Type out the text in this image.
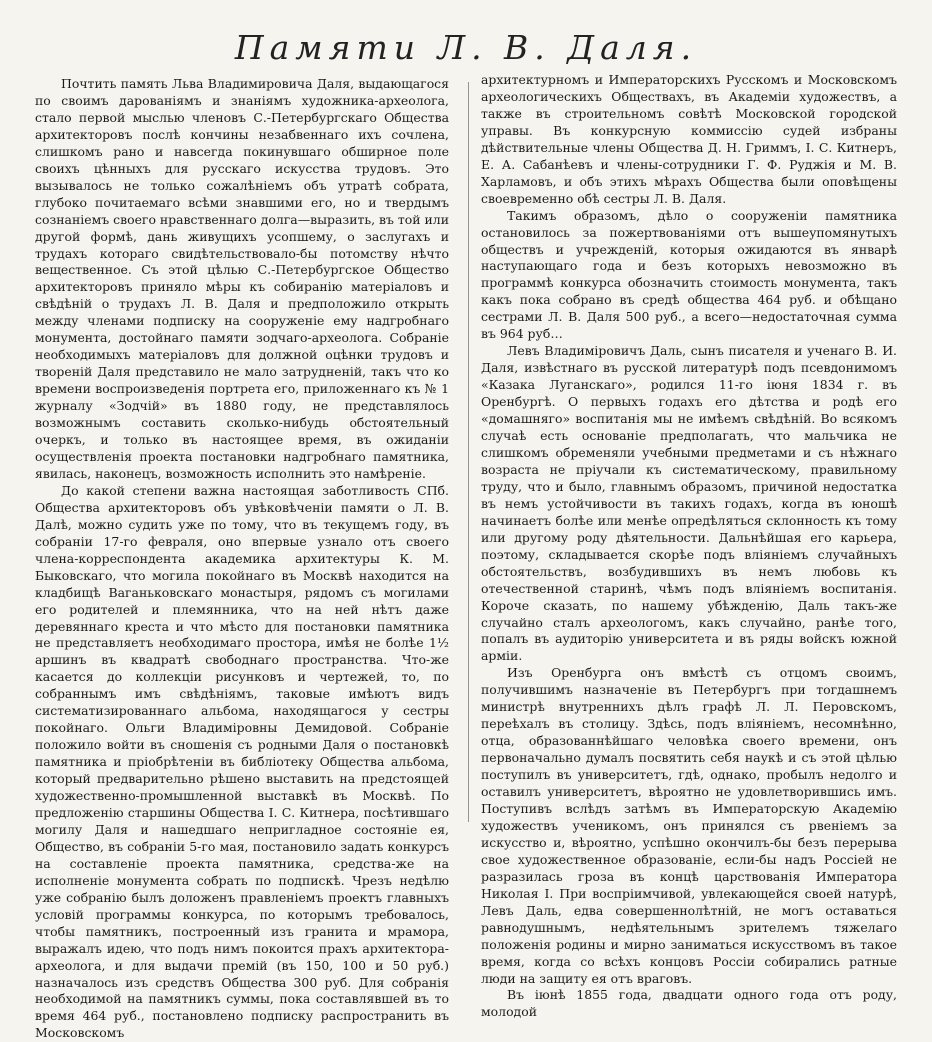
Памяти Л. В. Даля.

Почтить память Льва Владимировича Даля, выдающагося по своимъ дарованіямъ и знаніямъ художника-археолога, стало первой мыслью членовъ С.-Петербургскаго Общества архитекторовъ послѣ кончины незабвеннаго ихъ сочлена, слишкомъ рано и навсегда покинувшаго обширное поле своихъ цѣнныхъ для русскаго искусства трудовъ. Это вызывалось не только сожалѣніемъ объ утратѣ собрата, глубоко почитаемаго всѣми знавшими его, но и твердымъ сознаніемъ своего нравственнаго долга—выразить, въ той или другой формѣ, дань живущихъ усопшему, о заслугахъ и трудахъ котораго свидѣтельствовало-бы потомству нѣчто вещественное. Съ этой цѣлью С.-Петербургское Общество архитекторовъ приняло мѣры къ собиранію матеріаловъ и свѣдѣній о трудахъ Л. В. Даля и предположило открыть между членами подписку на сооруженіе ему надгробнаго монумента, достойнаго памяти зодчаго-археолога. Собраніе необходимыхъ матеріаловъ для должной оцѣнки трудовъ и твореній Даля представило не мало затрудненій, такъ что ко времени воспроизведенія портрета его, приложеннаго къ № 1 журналу «Зодчій» въ 1880 году, не представлялось возможнымъ составить сколько-нибудь обстоятельный очеркъ, и только въ настоящее время, въ ожиданіи осуществленія проекта постановки надгробнаго памятника, явилась, наконецъ, возможность исполнить это намѣреніе.

До какой степени важна настоящая заботливость СПб. Общества архитекторовъ объ увѣковѣченіи памяти о Л. В. Далѣ, можно судить уже по тому, что въ текущемъ году, въ собраніи 17-го февраля, оно впервые узнало отъ своего члена-корреспондента академика архитектуры К. М. Быковскаго, что могила покойнаго въ Москвѣ находится на кладбищѣ Ваганьковскаго монастыря, рядомъ съ могилами его родителей и племянника, что на ней нѣтъ даже деревяннаго креста и что мѣсто для постановки памятника не представляетъ необходимаго простора, имѣя не болѣе 1½ аршинъ въ квадратѣ свободнаго пространства. Что-же касается до коллекціи рисунковъ и чертежей, то, по собраннымъ имъ свѣдѣніямъ, таковые имѣютъ видъ систематизированнаго альбома, находящагося у сестры покойнаго. Ольги Владиміровны Демидовой. Собраніе положило войти въ сношенія съ родными Даля о постановкѣ памятника и пріобрѣтеніи въ библіотеку Общества альбома, который предварительно рѣшено выставить на предстоящей художественно-промышленной выставкѣ въ Москвѣ. По предложенію старшины Общества І. С. Китнера, посѣтившаго могилу Даля и нашедшаго непригладное состояніе ея, Общество, въ собраніи 5-го мая, постановило задать конкурсъ на составленіе проекта памятника, средства-же на исполненіе монумента собрать по подпискѣ. Чрезъ недѣлю уже собранію былъ доложенъ правленіемъ проектъ главныхъ условій программы конкурса, по которымъ требовалось, чтобы памятникъ, построенный изъ гранита и мрамора, выражалъ идею, что подъ нимъ покоится прахъ архитектора-археолога, и для выдачи премій (въ 150, 100 и 50 руб.) назначалось изъ средствъ Общества 300 руб. Для собранія необходимой на памятникъ суммы, пока составлявшей въ то время 464 руб., постановлено подписку распространить въ Московскомъ

архитектурномъ и Императорскихъ Русскомъ и Московскомъ археологическихъ Обществахъ, въ Академіи художествъ, а также въ строительномъ совѣтѣ Московской городской управы. Въ конкурсную коммиссію судей избраны дѣйствительные члены Общества Д. Н. Гриммъ, І. С. Китнеръ, Е. А. Сабанѣевъ и члены-сотрудники Г. Ф. Руджія и М. В. Харламовъ, и объ этихъ мѣрахъ Общества были оповѣщены своевременно обѣ сестры Л. В. Даля.

Такимъ образомъ, дѣло о сооруженіи памятника остановилось за пожертвованіями отъ вышеупомянутыхъ обществъ и учрежденій, которыя ожидаются въ январѣ наступающаго года и безъ которыхъ невозможно въ программѣ конкурса обозначить стоимость монумента, такъ какъ пока собрано въ средѣ общества 464 руб. и обѣщано сестрами Л. В. Даля 500 руб., а всего—недостаточная сумма въ 964 руб…

Левъ Владиміровичъ Даль, сынъ писателя и ученаго В. И. Даля, извѣстнаго въ русской литературѣ подъ псевдонимомъ «Казака Луганскаго», родился 11-го іюня 1834 г. въ Оренбургѣ. О первыхъ годахъ его дѣтства и родѣ его «домашняго» воспитанія мы не имѣемъ свѣдѣній. Во всякомъ случаѣ есть основаніе предполагать, что мальчика не слишкомъ обременяли учебными предметами и съ нѣжнаго возраста не пріучали къ систематическому, правильному труду, что и было, главнымъ образомъ, причиной недостатка въ немъ устойчивости въ такихъ годахъ, когда въ юношѣ начинаетъ болѣе или менѣе опредѣляться склонность къ тому или другому роду дѣятельности. Дальнѣйшая его карьера, поэтому, складывается скорѣе подъ вліяніемъ случайныхъ обстоятельствъ, возбудившихъ въ немъ любовь къ отечественной старинѣ, чѣмъ подъ вліяніемъ воспитанія. Короче сказать, по нашему убѣжденію, Даль такъ-же случайно сталъ археологомъ, какъ случайно, ранѣе того, попалъ въ аудиторію университета и въ ряды войскъ южной арміи.

Изъ Оренбурга онъ вмѣстѣ съ отцомъ своимъ, получившимъ назначеніе въ Петербургъ при тогдашнемъ министрѣ внутреннихъ дѣлъ графѣ Л. Л. Перовскомъ, переѣхалъ въ столицу. Здѣсь, подъ вліяніемъ, несомнѣнно, отца, образованнѣйшаго человѣка своего времени, онъ первоначально думалъ посвятить себя наукѣ и съ этой цѣлью поступилъ въ университетъ, гдѣ, однако, пробылъ недолго и оставилъ университетъ, вѣроятно не удовлетворившись имъ. Поступивъ вслѣдъ затѣмъ въ Императорскую Академію художествъ ученикомъ, онъ принялся съ рвеніемъ за искусство и, вѣроятно, успѣшно окончилъ-бы безъ перерыва свое художественное образованіе, если-бы надъ Россіей не разразилась гроза въ концѣ царствованія Императора Николая І. При воспріимчивой, увлекающейся своей натурѣ, Левъ Даль, едва совершеннолѣтній, не могъ оставаться равнодушнымъ, недѣятельнымъ зрителемъ тяжелаго положенія родины и мирно заниматься искусствомъ въ такое время, когда со всѣхъ концовъ Россіи собирались ратные люди на защиту ея отъ враговъ.

Въ іюнѣ 1855 года, двадцати одного года отъ роду, молодой
